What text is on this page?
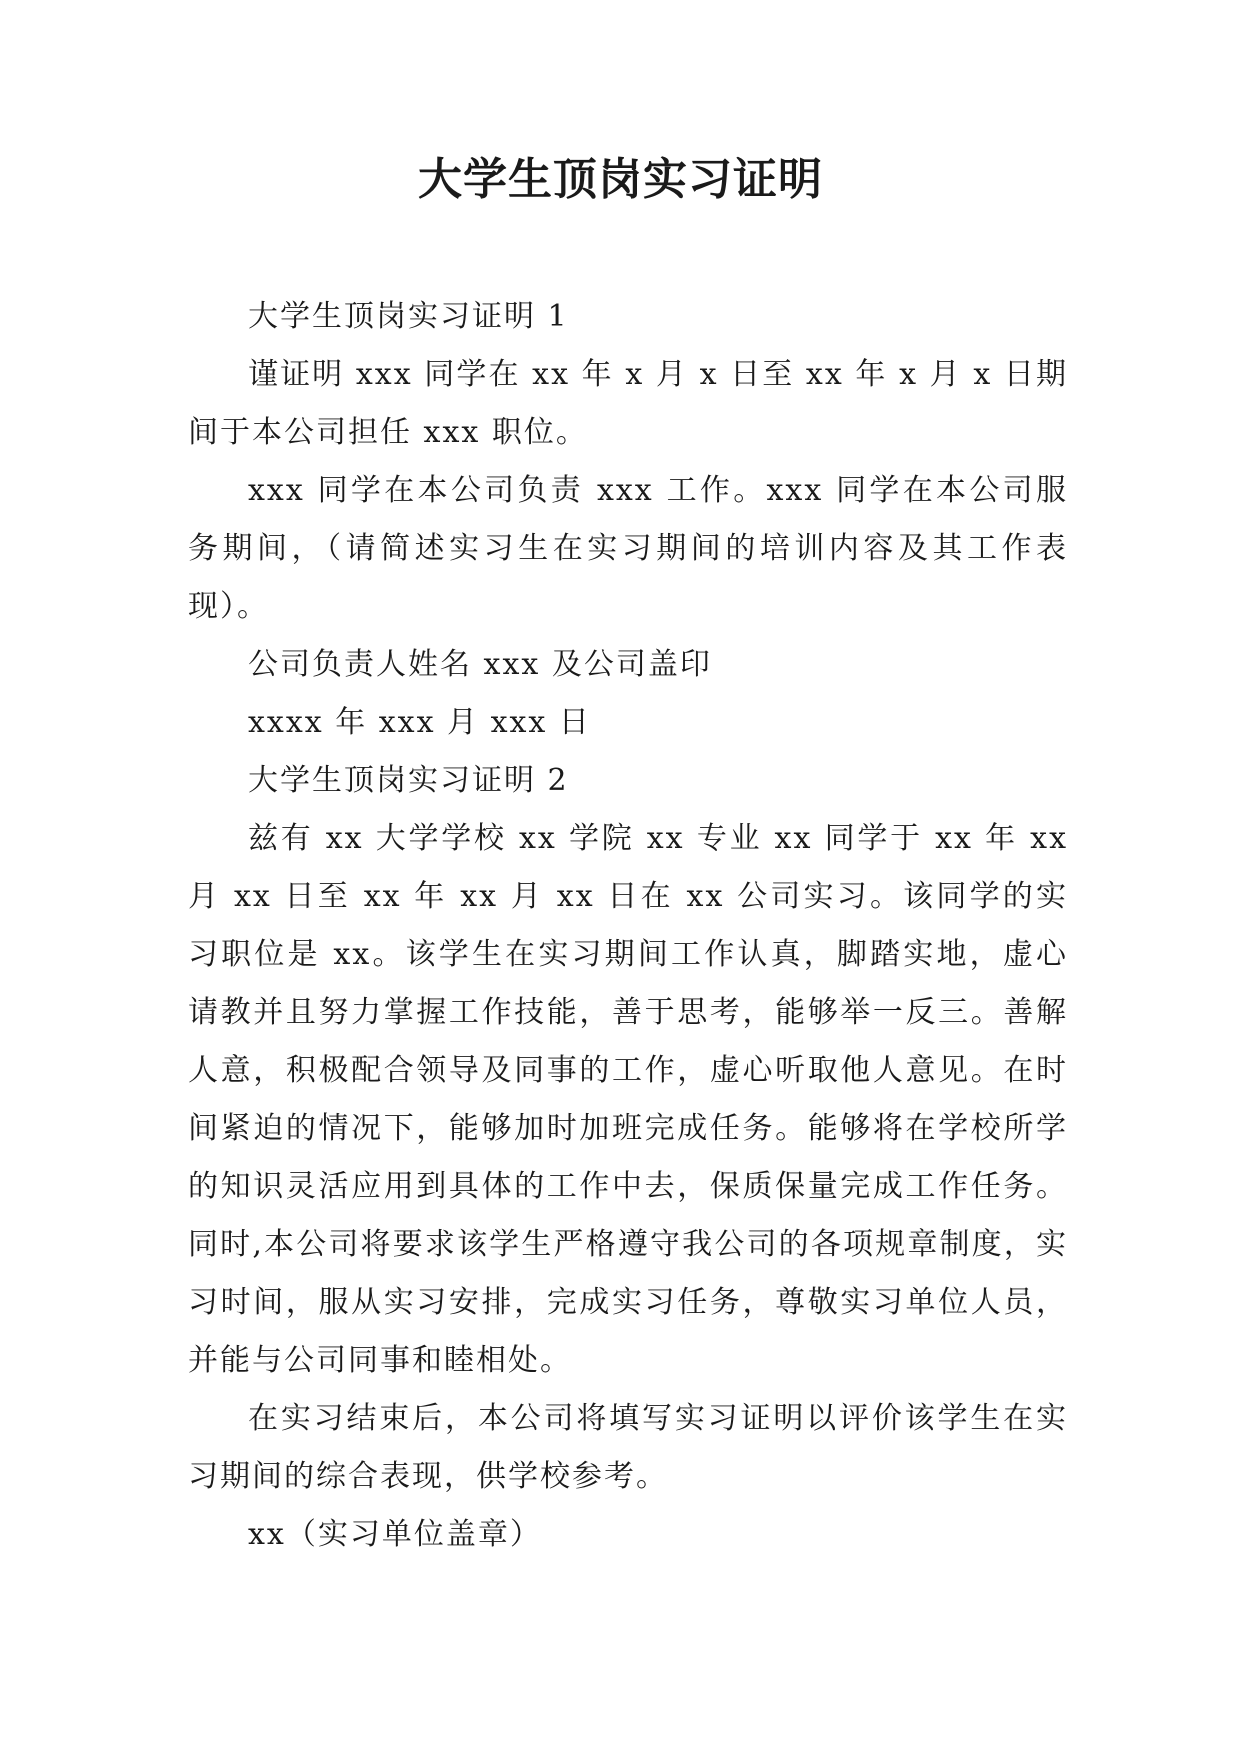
大学生顶岗实习证明

大学生顶岗实习证明 1

谨证明 xxx 同学在 xx 年 x 月 x 日至 xx 年 x 月 x 日期间于本公司担任 xxx 职位。

xxx 同学在本公司负责 xxx 工作。xxx 同学在本公司服务期间，（请简述实习生在实习期间的培训内容及其工作表现）。

公司负责人姓名 xxx 及公司盖印

xxxx 年 xxx 月 xxx 日

大学生顶岗实习证明 2

兹有 xx 大学学校 xx 学院 xx 专业 xx 同学于 xx 年 xx 月 xx 日至 xx 年 xx 月 xx 日在 xx 公司实习。该同学的实习职位是 xx。该学生在实习期间工作认真，脚踏实地，虚心请教并且努力掌握工作技能，善于思考，能够举一反三。善解人意，积极配合领导及同事的工作，虚心听取他人意见。在时间紧迫的情况下，能够加时加班完成任务。能够将在学校所学的知识灵活应用到具体的工作中去，保质保量完成工作任务。同时,本公司将要求该学生严格遵守我公司的各项规章制度，实习时间，服从实习安排，完成实习任务，尊敬实习单位人员，并能与公司同事和睦相处。

在实习结束后，本公司将填写实习证明以评价该学生在实习期间的综合表现，供学校参考。

xx（实习单位盖章）
